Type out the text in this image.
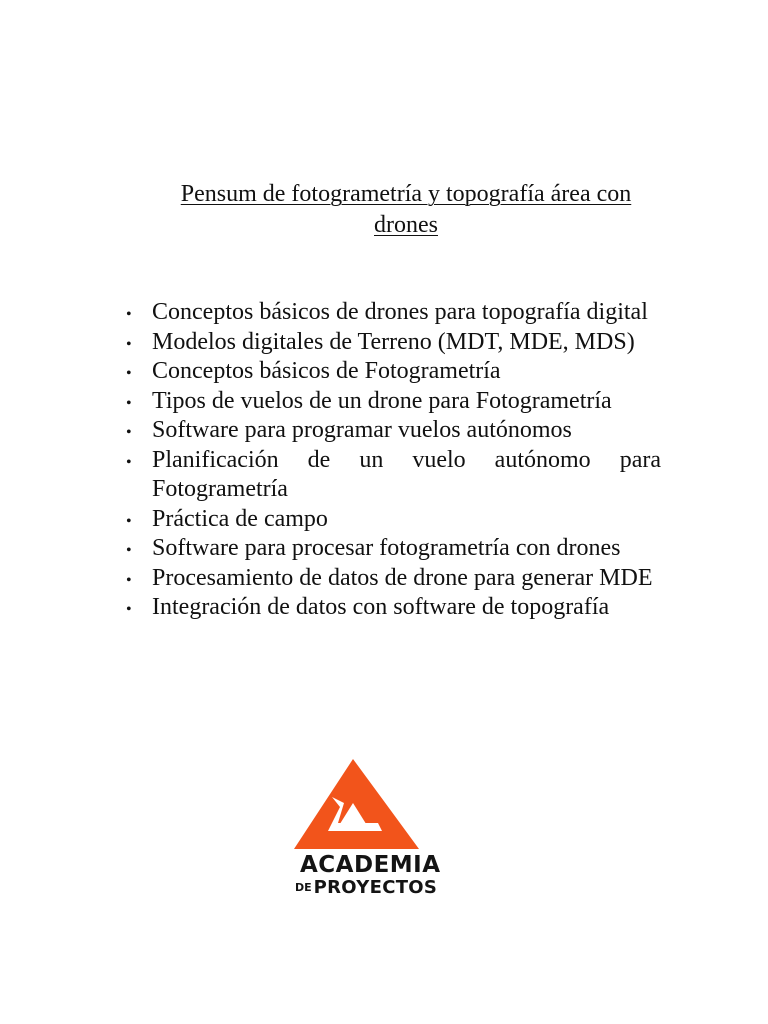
Pensum de fotogrametría y topografía área con drones
• Conceptos básicos de drones para topografía digital
• Modelos digitales de Terreno (MDT, MDE, MDS)
• Conceptos básicos de Fotogrametría
• Tipos de vuelos de un drone para Fotogrametría
• Software para programar vuelos autónomos
• Planificación de un vuelo autónomo para Fotogrametría
• Práctica de campo
• Software para procesar fotogrametría con drones
• Procesamiento de datos de drone para generar MDE
• Integración de datos con software de topografía
ACADEMIA
DE PROYECTOS
